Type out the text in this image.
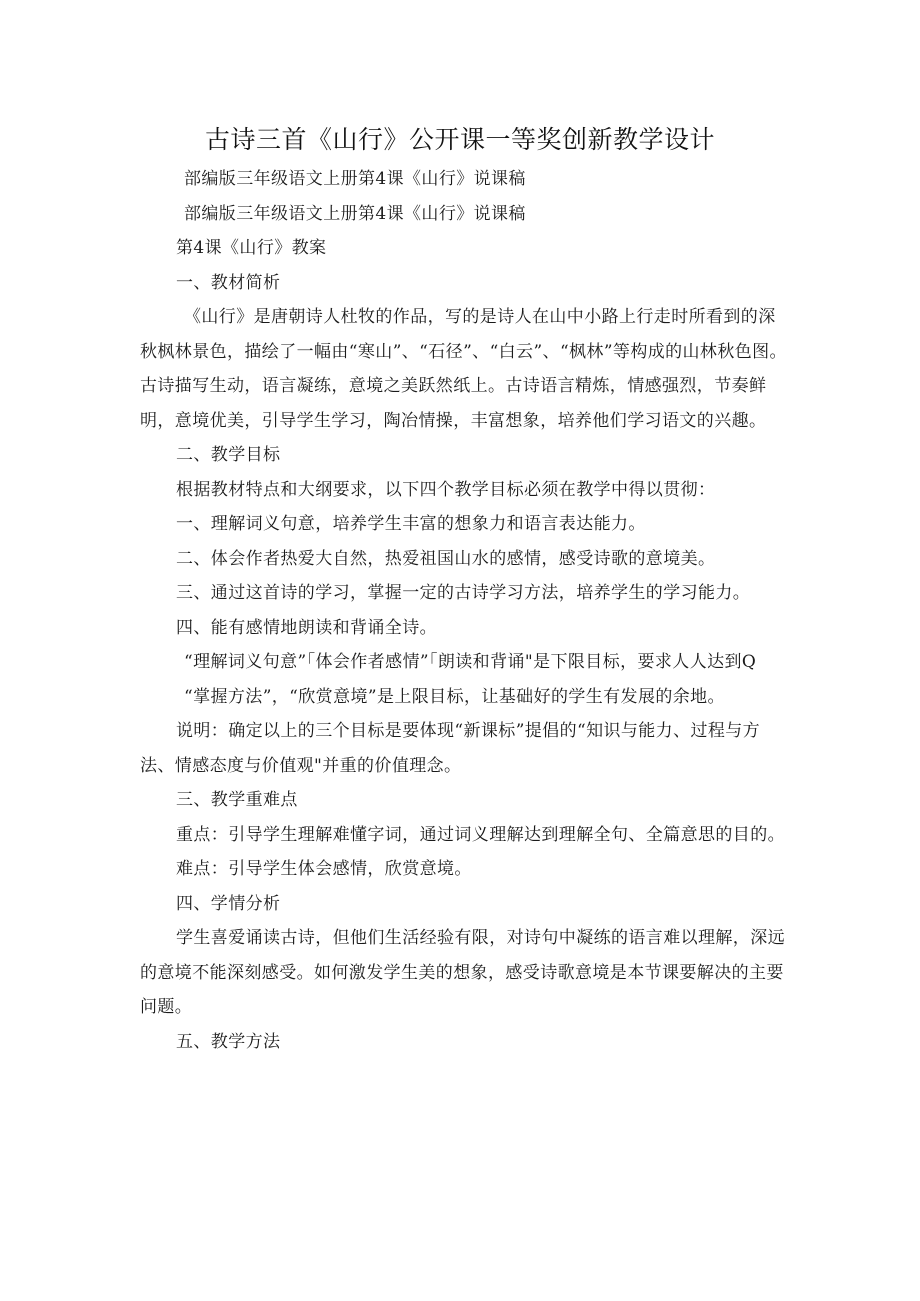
古诗三首《山行》公开课一等奖创新教学设计

部编版三年级语文上册第4课《山行》说课稿

部编版三年级语文上册第4课《山行》说课稿

第4课《山行》教案

一、教材简析

《山行》是唐朝诗人杜牧的作品，写的是诗人在山中小路上行走时所看到的深秋枫林景色，描绘了一幅由“寒山”、“石径”、“白云”、“枫林”等构成的山林秋色图。古诗描写生动，语言凝练，意境之美跃然纸上。古诗语言精炼，情感强烈，节奏鲜明，意境优美，引导学生学习，陶冶情操，丰富想象，培养他们学习语文的兴趣。

二、教学目标

根据教材特点和大纲要求，以下四个教学目标必须在教学中得以贯彻：

一、理解词义句意，培养学生丰富的想象力和语言表达能力。

二、体会作者热爱大自然，热爱祖国山水的感情，感受诗歌的意境美。

三、通过这首诗的学习，掌握一定的古诗学习方法，培养学生的学习能力。

四、能有感情地朗读和背诵全诗。

“理解词义句意”「体会作者感情”「朗读和背诵"是下限目标，要求人人达到Q

“掌握方法”，“欣赏意境”是上限目标，让基础好的学生有发展的余地。

说明：确定以上的三个目标是要体现“新课标”提倡的“知识与能力、过程与方法、情感态度与价值观"并重的价值理念。

三、教学重难点

重点：引导学生理解难懂字词，通过词义理解达到理解全句、全篇意思的目的。

难点：引导学生体会感情，欣赏意境。

四、学情分析

学生喜爱诵读古诗，但他们生活经验有限，对诗句中凝练的语言难以理解，深远的意境不能深刻感受。如何激发学生美的想象，感受诗歌意境是本节课要解决的主要问题。

五、教学方法
